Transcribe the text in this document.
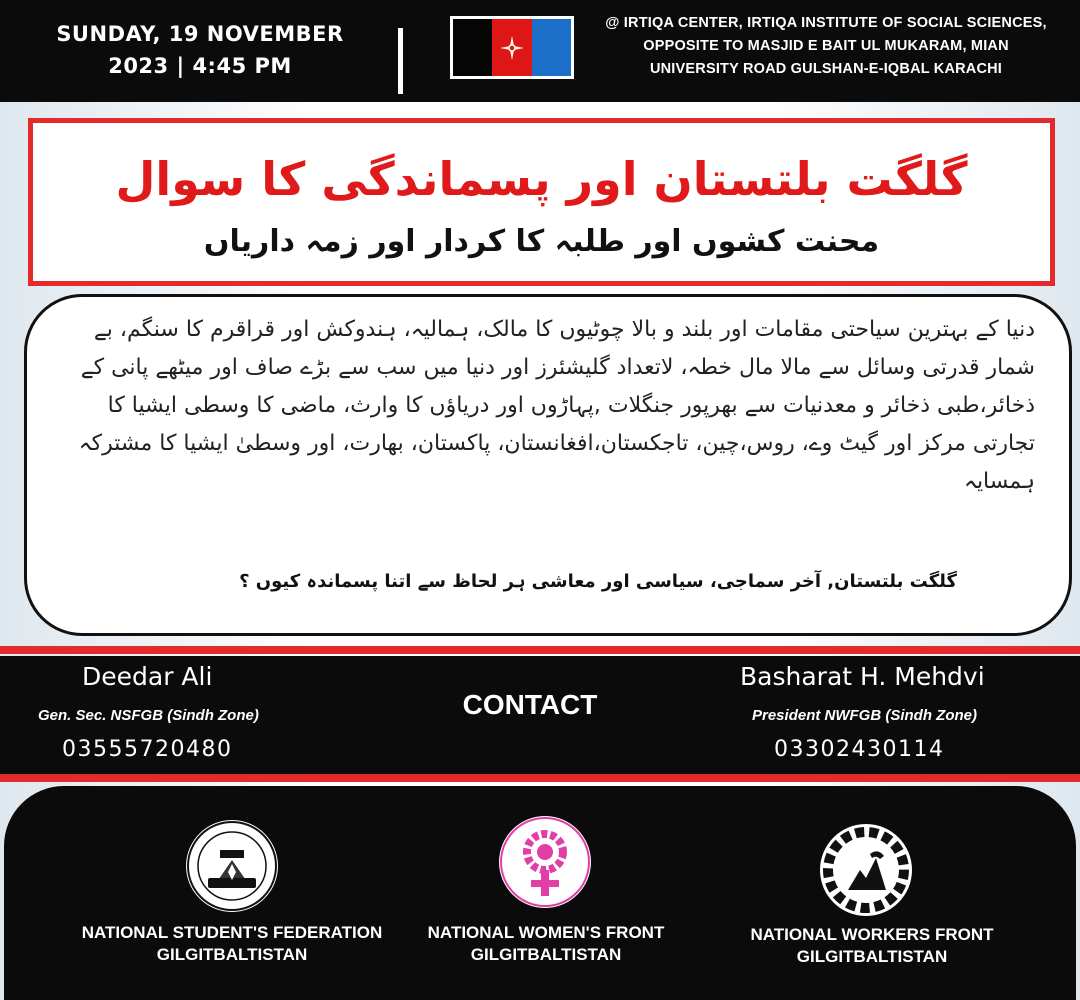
SUNDAY, 19 NOVEMBER
2023 | 4:45 PM
@ IRTIQA CENTER, IRTIQA INSTITUTE OF SOCIAL SCIENCES,
OPPOSITE TO MASJID E BAIT UL MUKARAM, MIAN
UNIVERSITY ROAD GULSHAN-E-IQBAL KARACHI
گلگت بلتستان اور پسماندگی کا سوال
محنت کشوں اور طلبہ کا کردار اور زمہ داریاں
دنیا کے بہترین سیاحتی مقامات اور بلند و بالا چوٹیوں کا مالک، ہمالیہ، ہندوکش اور قراقرم کا سنگم، بے شمار قدرتی وسائل سے مالا مال خطہ، لاتعداد گلیشئرز اور دنیا میں سب سے بڑے صاف اور میٹھے پانی کے ذخائر،طبی ذخائر و معدنیات سے بھرپور جنگلات ,پہاڑوں اور دریاؤں کا وارث، ماضی کا وسطی ایشیا کا تجارتی مرکز اور گیٹ وے، روس،چین، تاجکستان،افغانستان، پاکستان، بھارت، اور وسطیٰ ایشیا کا مشترکہ ہمسایہ
گلگت بلتستان, آخر سماجی، سیاسی اور معاشی ہر لحاظ سے اتنا پسماندہ کیوں ؟
Deedar Ali
Gen. Sec. NSFGB (Sindh Zone)
03555720480
Basharat H. Mehdvi
President NWFGB (Sindh Zone)
03302430114
CONTACT
NATIONAL STUDENT'S FEDERATION
GILGITBALTISTAN
NATIONAL WOMEN'S FRONT
GILGITBALTISTAN
NATIONAL WORKERS FRONT
GILGITBALTISTAN
